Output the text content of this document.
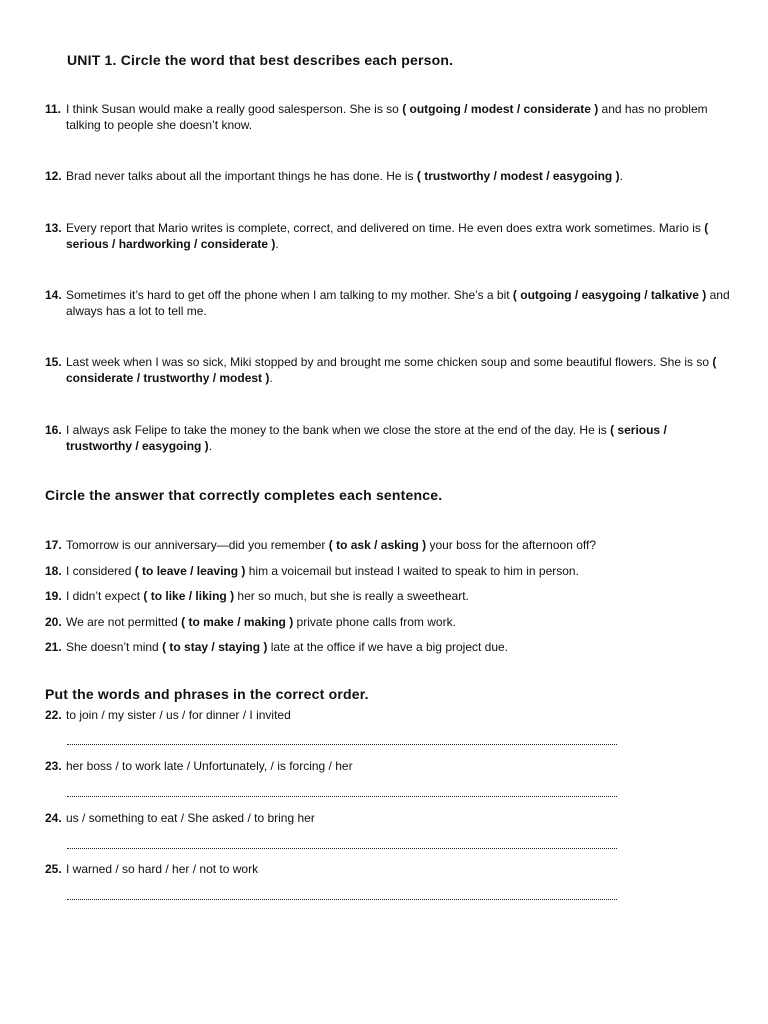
UNIT 1. Circle the word that best describes each person.
11. I think Susan would make a really good salesperson. She is so ( outgoing / modest / considerate ) and has no problem talking to people she doesn’t know.
12. Brad never talks about all the important things he has done. He is ( trustworthy / modest / easygoing ).
13. Every report that Mario writes is complete, correct, and delivered on time. He even does extra work sometimes. Mario is ( serious / hardworking / considerate ).
14. Sometimes it’s hard to get off the phone when I am talking to my mother. She’s a bit ( outgoing / easygoing / talkative ) and always has a lot to tell me.
15. Last week when I was so sick, Miki stopped by and brought me some chicken soup and some beautiful flowers. She is so ( considerate / trustworthy / modest ).
16. I always ask Felipe to take the money to the bank when we close the store at the end of the day. He is ( serious / trustworthy / easygoing ).
Circle the answer that correctly completes each sentence.
17. Tomorrow is our anniversary—did you remember ( to ask / asking ) your boss for the afternoon off?
18. I considered ( to leave / leaving ) him a voicemail but instead I waited to speak to him in person.
19. I didn’t expect ( to like / liking ) her so much, but she is really a sweetheart.
20. We are not permitted ( to make / making ) private phone calls from work.
21. She doesn’t mind ( to stay / staying ) late at the office if we have a big project due.
Put the words and phrases in the correct order.
22. to join / my sister / us / for dinner / I invited
23. her boss / to work late / Unfortunately, / is forcing / her
24. us / something to eat / She asked / to bring her
25. I warned / so hard / her / not to work
